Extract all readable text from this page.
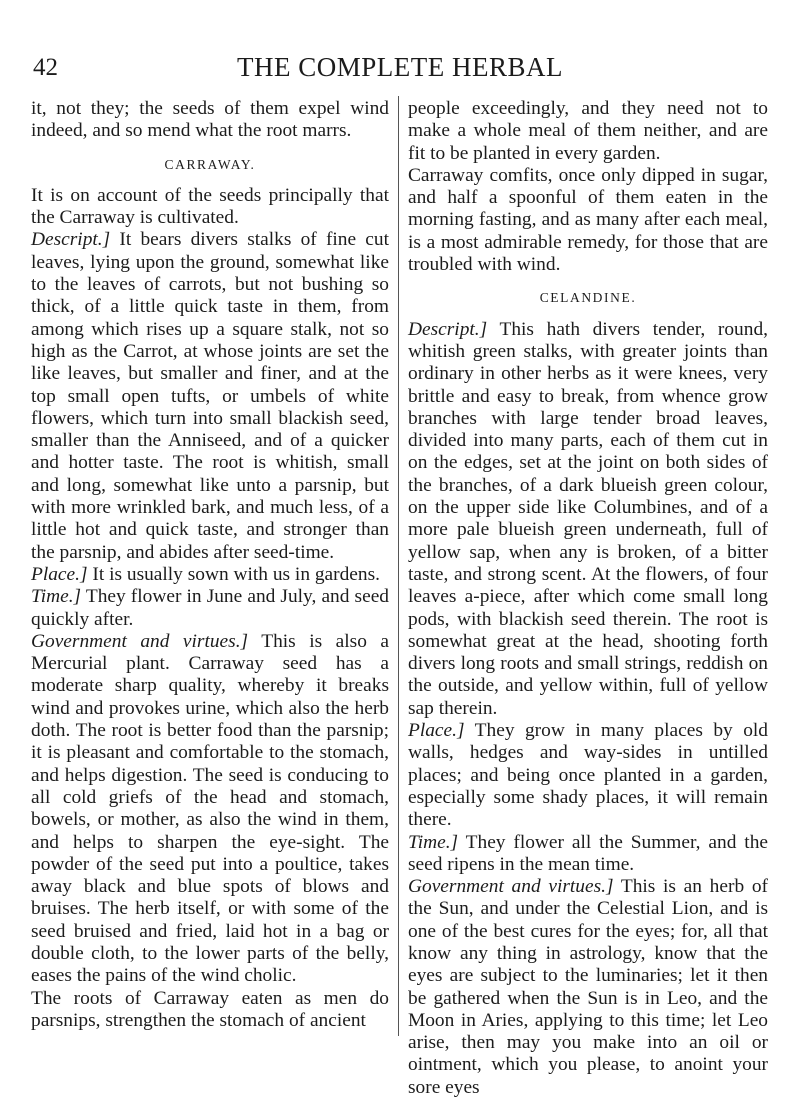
42	THE COMPLETE HERBAL

it, not they; the seeds of them expel wind indeed, and so mend what the root marrs.

CARRAWAY.

It is on account of the seeds principally that the Carraway is cultivated.

Descript.] It bears divers stalks of fine cut leaves, lying upon the ground, somewhat like to the leaves of carrots, but not bushing so thick, of a little quick taste in them, from among which rises up a square stalk, not so high as the Carrot, at whose joints are set the like leaves, but smaller and finer, and at the top small open tufts, or umbels of white flowers, which turn into small blackish seed, smaller than the Anniseed, and of a quicker and hotter taste. The root is whitish, small and long, somewhat like unto a parsnip, but with more wrinkled bark, and much less, of a little hot and quick taste, and stronger than the parsnip, and abides after seed-time.

Place.] It is usually sown with us in gardens.

Time.] They flower in June and July, and seed quickly after.

Government and virtues.] This is also a Mercurial plant. Carraway seed has a moderate sharp quality, whereby it breaks wind and provokes urine, which also the herb doth. The root is better food than the parsnip; it is pleasant and comfortable to the stomach, and helps digestion. The seed is conducing to all cold griefs of the head and stomach, bowels, or mother, as also the wind in them, and helps to sharpen the eye-sight. The powder of the seed put into a poultice, takes away black and blue spots of blows and bruises. The herb itself, or with some of the seed bruised and fried, laid hot in a bag or double cloth, to the lower parts of the belly, eases the pains of the wind cholic.

The roots of Carraway eaten as men do parsnips, strengthen the stomach of ancient

people exceedingly, and they need not to make a whole meal of them neither, and are fit to be planted in every garden.

Carraway comfits, once only dipped in sugar, and half a spoonful of them eaten in the morning fasting, and as many after each meal, is a most admirable remedy, for those that are troubled with wind.

CELANDINE.

Descript.] This hath divers tender, round, whitish green stalks, with greater joints than ordinary in other herbs as it were knees, very brittle and easy to break, from whence grow branches with large tender broad leaves, divided into many parts, each of them cut in on the edges, set at the joint on both sides of the branches, of a dark blueish green colour, on the upper side like Columbines, and of a more pale blueish green underneath, full of yellow sap, when any is broken, of a bitter taste, and strong scent. At the flowers, of four leaves a-piece, after which come small long pods, with blackish seed therein. The root is somewhat great at the head, shooting forth divers long roots and small strings, reddish on the outside, and yellow within, full of yellow sap therein.

Place.] They grow in many places by old walls, hedges and way-sides in untilled places; and being once planted in a garden, especially some shady places, it will remain there.

Time.] They flower all the Summer, and the seed ripens in the mean time.

Government and virtues.] This is an herb of the Sun, and under the Celestial Lion, and is one of the best cures for the eyes; for, all that know any thing in astrology, know that the eyes are subject to the luminaries; let it then be gathered when the Sun is in Leo, and the Moon in Aries, applying to this time; let Leo arise, then may you make into an oil or ointment, which you please, to anoint your sore eyes
